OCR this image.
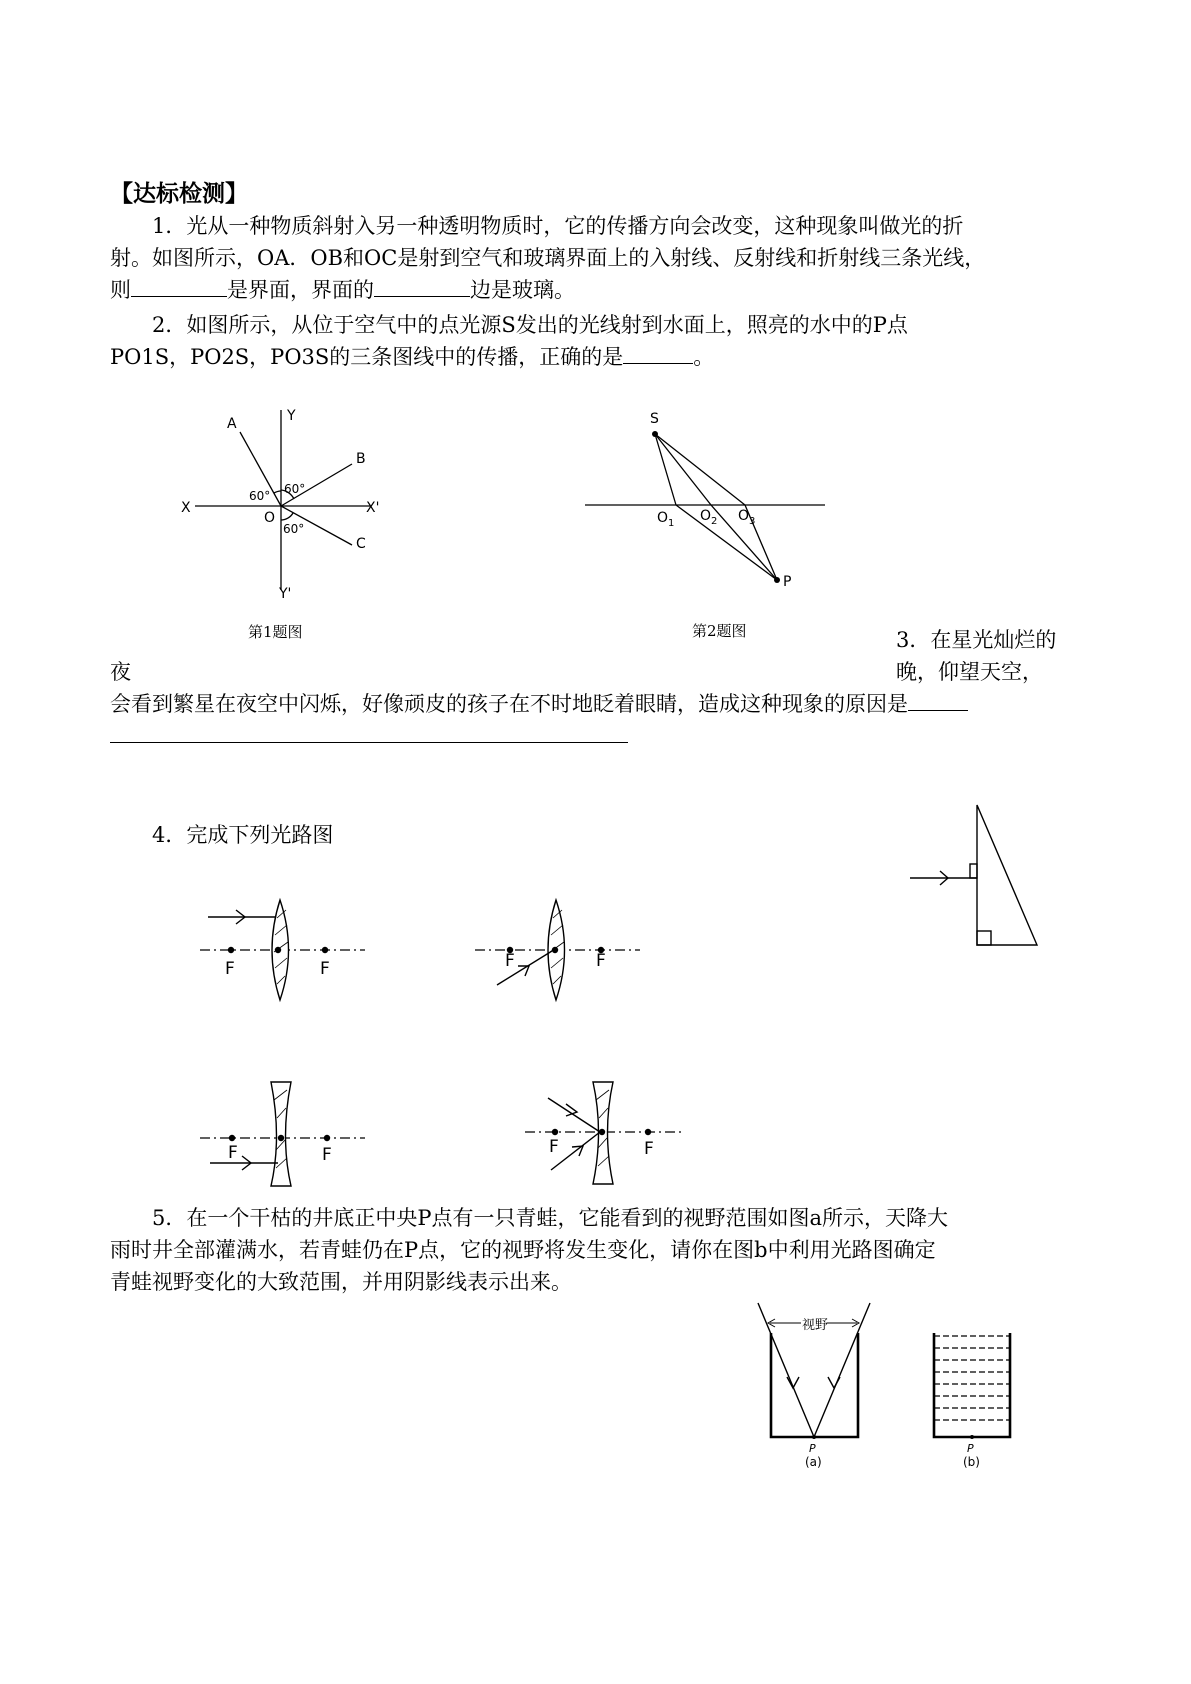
【达标检测】
1．光从一种物质斜射入另一种透明物质时，它的传播方向会改变，这种现象叫做光的折
射。如图所示，OA．OB和OC是射到空气和玻璃界面上的入射线、反射线和折射线三条光线，
则	是界面，界面的	边是玻璃。
2．如图所示，从位于空气中的点光源S发出的光线射到水面上，照亮的水中的P点
PO1S，PO2S，PO3S的三条图线中的传播，正确的是	。
A	Y
B
X	X'
O
C
Y'
60° 60°
60°
第1题图
S
P
$O_1$ $O_2$ $O_3$
第2题图	3．在星光灿烂的
夜	晚，仰望天空，
会看到繁星在夜空中闪烁，好像顽皮的孩子在不时地眨着眼睛，造成这种现象的原因是
4．完成下列光路图
F	F	F	F
F	F	F	F
5．在一个干枯的井底正中央P点有一只青蛙，它能看到的视野范围如图a所示，天降大
雨时井全部灌满水，若青蛙仍在P点，它的视野将发生变化，请你在图b中利用光路图确定
青蛙视野变化的大致范围，并用阴影线表示出来。
视野
P
(a)
P
(b)
